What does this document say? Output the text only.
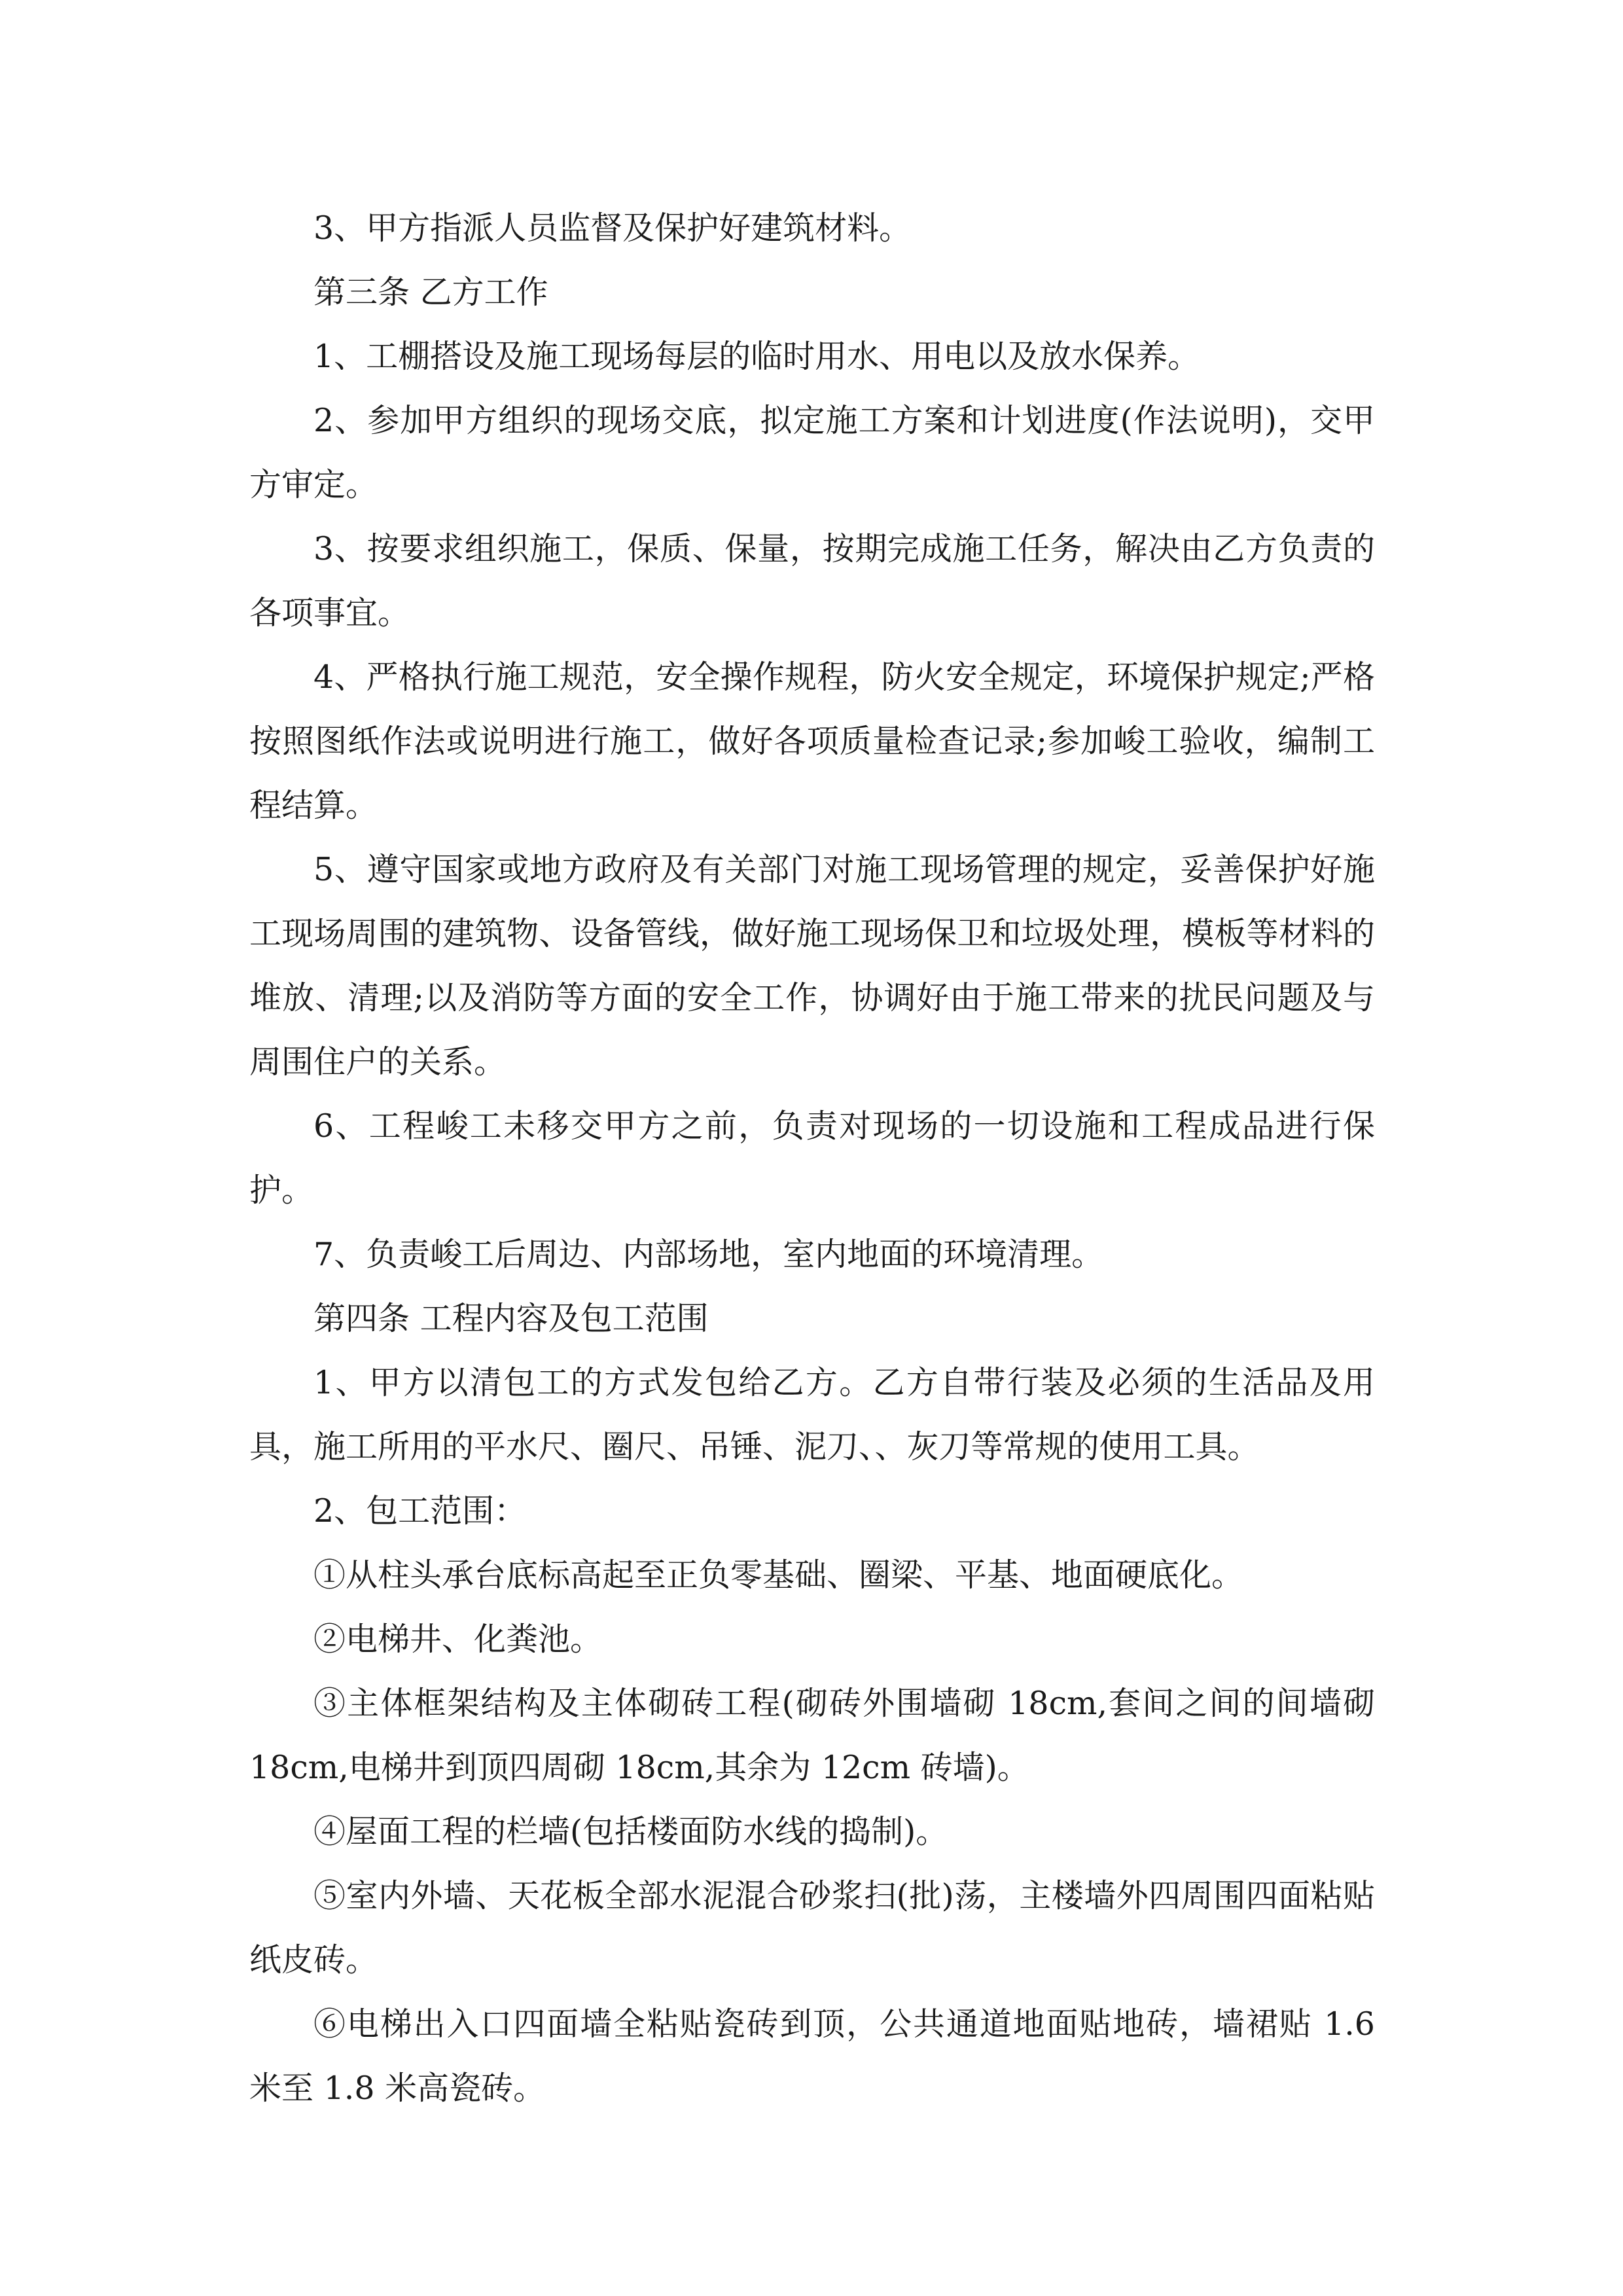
3、甲方指派人员监督及保护好建筑材料。

第三条 乙方工作

1、工棚搭设及施工现场每层的临时用水、用电以及放水保养。

2、参加甲方组织的现场交底，拟定施工方案和计划进度(作法说明)，交甲方审定。

3、按要求组织施工，保质、保量，按期完成施工任务，解决由乙方负责的各项事宜。

4、严格执行施工规范，安全操作规程，防火安全规定，环境保护规定;严格按照图纸作法或说明进行施工，做好各项质量检查记录;参加峻工验收，编制工程结算。

5、遵守国家或地方政府及有关部门对施工现场管理的规定，妥善保护好施工现场周围的建筑物、设备管线，做好施工现场保卫和垃圾处理，模板等材料的堆放、清理;以及消防等方面的安全工作，协调好由于施工带来的扰民问题及与周围住户的关系。

6、工程峻工未移交甲方之前，负责对现场的一切设施和工程成品进行保护。

7、负责峻工后周边、内部场地，室内地面的环境清理。

第四条 工程内容及包工范围

1、甲方以清包工的方式发包给乙方。乙方自带行装及必须的生活品及用具，施工所用的平水尺、圈尺、吊锤、泥刀、、灰刀等常规的使用工具。

2、包工范围：

①从柱头承台底标高起至正负零基础、圈梁、平基、地面硬底化。

②电梯井、化粪池。

③主体框架结构及主体砌砖工程(砌砖外围墙砌 18cm,套间之间的间墙砌 18cm,电梯井到顶四周砌 18cm,其余为 12cm 砖墙)。

④屋面工程的栏墙(包括楼面防水线的捣制)。

⑤室内外墙、天花板全部水泥混合砂浆扫(批)荡，主楼墙外四周围四面粘贴纸皮砖。

⑥电梯出入口四面墙全粘贴瓷砖到顶，公共通道地面贴地砖，墙裙贴 1.6 米至 1.8 米高瓷砖。
